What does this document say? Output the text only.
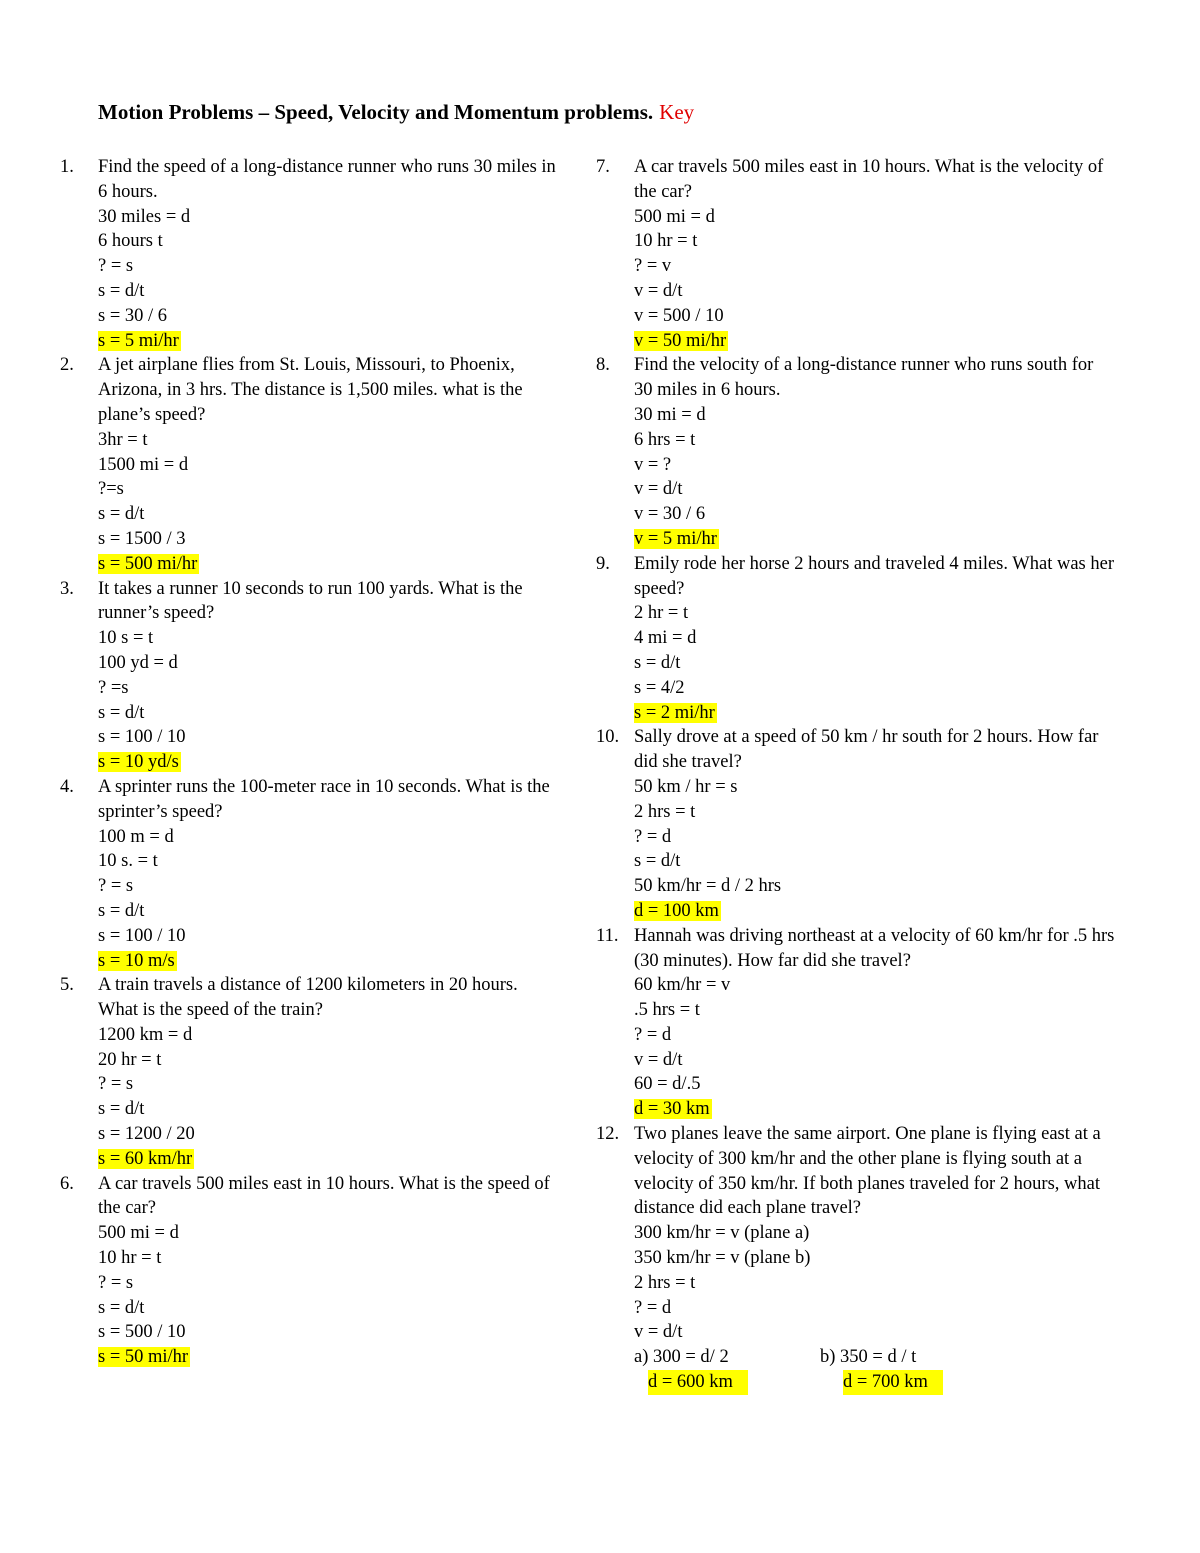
Motion Problems – Speed, Velocity and Momentum problems. Key
1.	Find the speed of a long-distance runner who runs 30 miles in 6 hours.
30 miles = d
6 hours t
? = s
s = d/t
s = 30 / 6
s = 5 mi/hr
2.	A jet airplane flies from St. Louis, Missouri, to Phoenix, Arizona, in 3 hrs. The distance is 1,500 miles. what is the plane’s speed?
3hr = t
1500 mi = d
?=s
s = d/t
s = 1500 / 3
s = 500 mi/hr
3.	It takes a runner 10 seconds to run 100 yards. What is the runner’s speed?
10 s = t
100 yd = d
? =s
s = d/t
s = 100 / 10
s = 10 yd/s
4.	A sprinter runs the 100-meter race in 10 seconds. What is the sprinter’s speed?
100 m = d
10 s. = t
? = s
s = d/t
s = 100 / 10
s = 10 m/s
5.	A train travels a distance of 1200 kilometers in 20 hours. What is the speed of the train?
1200 km = d
20 hr = t
? = s
s = d/t
s = 1200 / 20
s = 60 km/hr
6.	A car travels 500 miles east in 10 hours. What is the speed of the car?
500 mi = d
10 hr = t
? = s
s = d/t
s = 500 / 10
s = 50 mi/hr
7.	A car travels 500 miles east in 10 hours. What is the velocity of the car?
500 mi = d
10 hr = t
? = v
v = d/t
v = 500 / 10
v = 50 mi/hr
8.	Find the velocity of a long-distance runner who runs south for 30 miles in 6 hours.
30 mi = d
6 hrs = t
v = ?
v = d/t
v = 30 / 6
v = 5 mi/hr
9.	Emily rode her horse 2 hours and traveled 4 miles. What was her speed?
2 hr = t
4 mi = d
s = d/t
s = 4/2
s = 2 mi/hr
10. Sally drove at a speed of 50 km / hr south for 2 hours. How far did she travel?
50 km / hr = s
2 hrs = t
? = d
s = d/t
50 km/hr = d / 2 hrs
d = 100 km
11. Hannah was driving northeast at a velocity of 60 km/hr for .5 hrs (30 minutes). How far did she travel?
60 km/hr = v
.5 hrs = t
? = d
v = d/t
60 = d/.5
d = 30 km
12. Two planes leave the same airport. One plane is flying east at a velocity of 300 km/hr and the other plane is flying south at a velocity of 350 km/hr. If both planes traveled for 2 hours, what distance did each plane travel?
300 km/hr = v (plane a)
350 km/hr = v (plane b)
2 hrs = t
? = d
v = d/t
a) 300 = d/ 2	b) 350 = d / t
d = 600 km	d = 700 km
